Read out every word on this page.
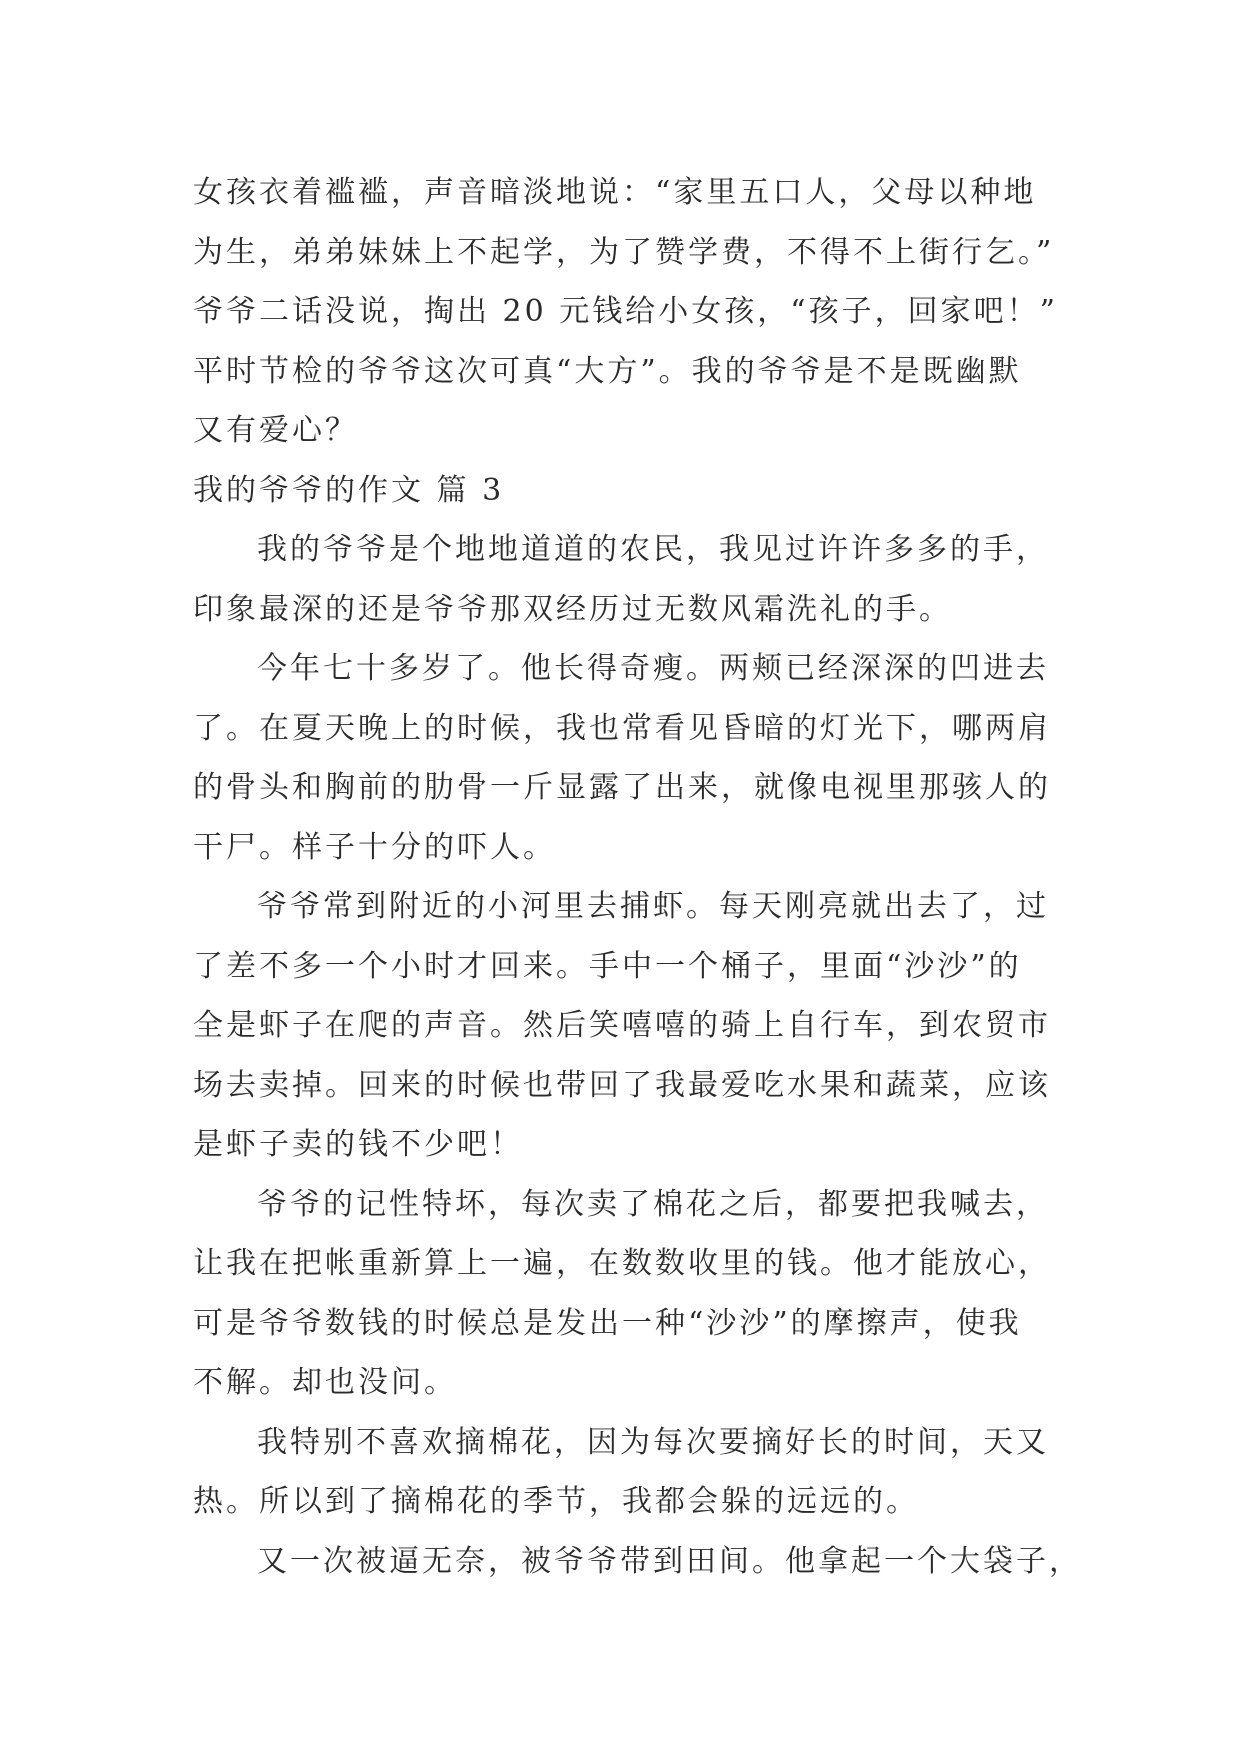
女孩衣着褴褴，声音暗淡地说：“家里五口人，父母以种地
为生，弟弟妹妹上不起学，为了赞学费，不得不上街行乞。”
爷爷二话没说，掏出 20 元钱给小女孩，“孩子，回家吧！”
平时节检的爷爷这次可真“大方”。我的爷爷是不是既幽默
又有爱心？
我的爷爷的作文 篇 3
我的爷爷是个地地道道的农民，我见过许许多多的手，
印象最深的还是爷爷那双经历过无数风霜洗礼的手。
今年七十多岁了。他长得奇瘦。两颊已经深深的凹进去
了。在夏天晚上的时候，我也常看见昏暗的灯光下，哪两肩
的骨头和胸前的肋骨一斤显露了出来，就像电视里那骇人的
干尸。样子十分的吓人。
爷爷常到附近的小河里去捕虾。每天刚亮就出去了，过
了差不多一个小时才回来。手中一个桶子，里面“沙沙”的
全是虾子在爬的声音。然后笑嘻嘻的骑上自行车，到农贸市
场去卖掉。回来的时候也带回了我最爱吃水果和蔬菜，应该
是虾子卖的钱不少吧！
爷爷的记性特坏，每次卖了棉花之后，都要把我喊去，
让我在把帐重新算上一遍，在数数收里的钱。他才能放心，
可是爷爷数钱的时候总是发出一种“沙沙”的摩擦声，使我
不解。却也没问。
我特别不喜欢摘棉花，因为每次要摘好长的时间，天又
热。所以到了摘棉花的季节，我都会躲的远远的。
又一次被逼无奈，被爷爷带到田间。他拿起一个大袋子，
